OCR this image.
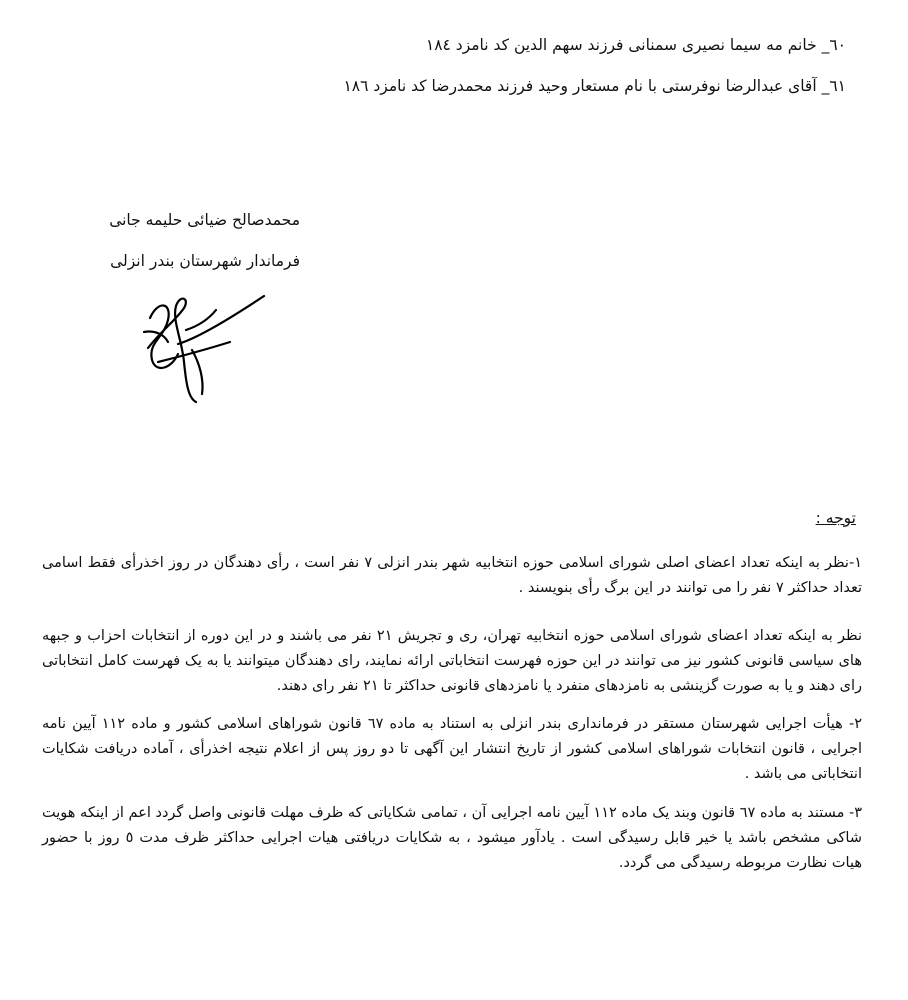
٦٠_ خانم مه سیما نصیری سمنانی فرزند سهم الدین کد نامزد ۱۸٤
٦١_ آقای عبدالرضا نوفرستی با نام مستعار وحید فرزند محمدرضا کد نامزد ۱۸٦
محمدصالح ضیائی حلیمه جانی
فرماندار شهرستان بندر انزلی
توجه :
۱-نظر به اینکه تعداد اعضای اصلی شورای اسلامی حوزه انتخابیه شهر بندر انزلی ۷ نفر است ، رأی دهندگان در روز اخذرأی فقط اسامی تعداد حداکثر ۷ نفر را می توانند در این برگ رأی بنویسند .
نظر به اینکه تعداد اعضای شورای اسلامی حوزه انتخابیه تهران، ری و تجریش ۲۱ نفر می باشند و در این دوره از انتخابات احزاب و جبهه های سیاسی قانونی کشور نیز می توانند در این حوزه فهرست انتخاباتی ارائه نمایند، رای دهندگان میتوانند یا به یک فهرست کامل انتخاباتی رای دهند و یا به صورت گزینشی به نامزدهای منفرد یا نامزدهای قانونی حداکثر تا ۲۱ نفر رای دهند.
۲- هیأت اجرایی شهرستان مستقر در فرمانداری بندر انزلی به استناد به ماده ٦۷ قانون شوراهای اسلامی کشور و ماده ۱۱۲ آیین نامه اجرایی ، قانون انتخابات شوراهای اسلامی کشور از تاریخ انتشار این آگهی تا دو روز پس از اعلام نتیجه اخذرأی ، آماده دریافت شکایات انتخاباتی می باشد .
۳- مستند به ماده ٦۷ قانون وبند یک ماده ۱۱۲ آیین نامه اجرایی آن ، تمامی شکایاتی که ظرف مهلت قانونی واصل گردد اعم از اینکه هویت شاکی مشخص باشد یا خیر قابل رسیدگی است . یادآور میشود ، به شکایات دریافتی هیات اجرایی حداکثر ظرف مدت ٥ روز با حضور هیات نظارت مربوطه رسیدگی می گردد.
